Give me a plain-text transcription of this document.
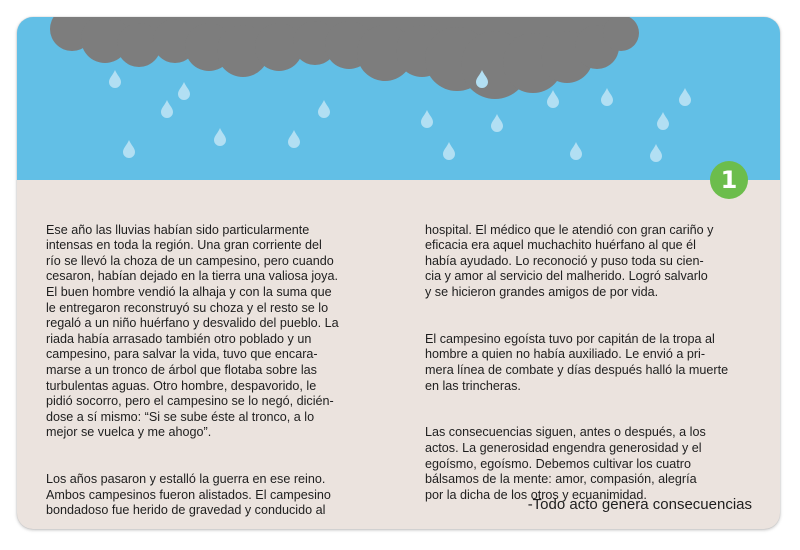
1

Ese año las lluvias habían sido particularmente
intensas en toda la región. Una gran corriente del
río se llevó la choza de un campesino, pero cuando
cesaron, habían dejado en la tierra una valiosa joya.
El buen hombre vendió la alhaja y con la suma que
le entregaron reconstruyó su choza y el resto se lo
regaló a un niño huérfano y desvalido del pueblo. La
riada había arrasado también otro poblado y un
campesino, para salvar la vida, tuvo que encara-
marse a un tronco de árbol que flotaba sobre las
turbulentas aguas. Otro hombre, despavorido, le
pidió socorro, pero el campesino se lo negó, dicién-
dose a sí mismo: “Si se sube éste al tronco, a lo
mejor se vuelca y me ahogo”.

Los años pasaron y estalló la guerra en ese reino.
Ambos campesinos fueron alistados. El campesino
bondadoso fue herido de gravedad y conducido al

hospital. El médico que le atendió con gran cariño y
eficacia era aquel muchachito huérfano al que él
había ayudado. Lo reconoció y puso toda su cien-
cia y amor al servicio del malherido. Logró salvarlo
y se hicieron grandes amigos de por vida.

El campesino egoísta tuvo por capitán de la tropa al
hombre a quien no había auxiliado. Le envió a pri-
mera línea de combate y días después halló la muerte
en las trincheras.

Las consecuencias siguen, antes o después, a los
actos. La generosidad engendra generosidad y el
egoísmo, egoísmo. Debemos cultivar los cuatro
bálsamos de la mente: amor, compasión, alegría
por la dicha de los otros y ecuanimidad.

-Todo acto genera consecuencias
